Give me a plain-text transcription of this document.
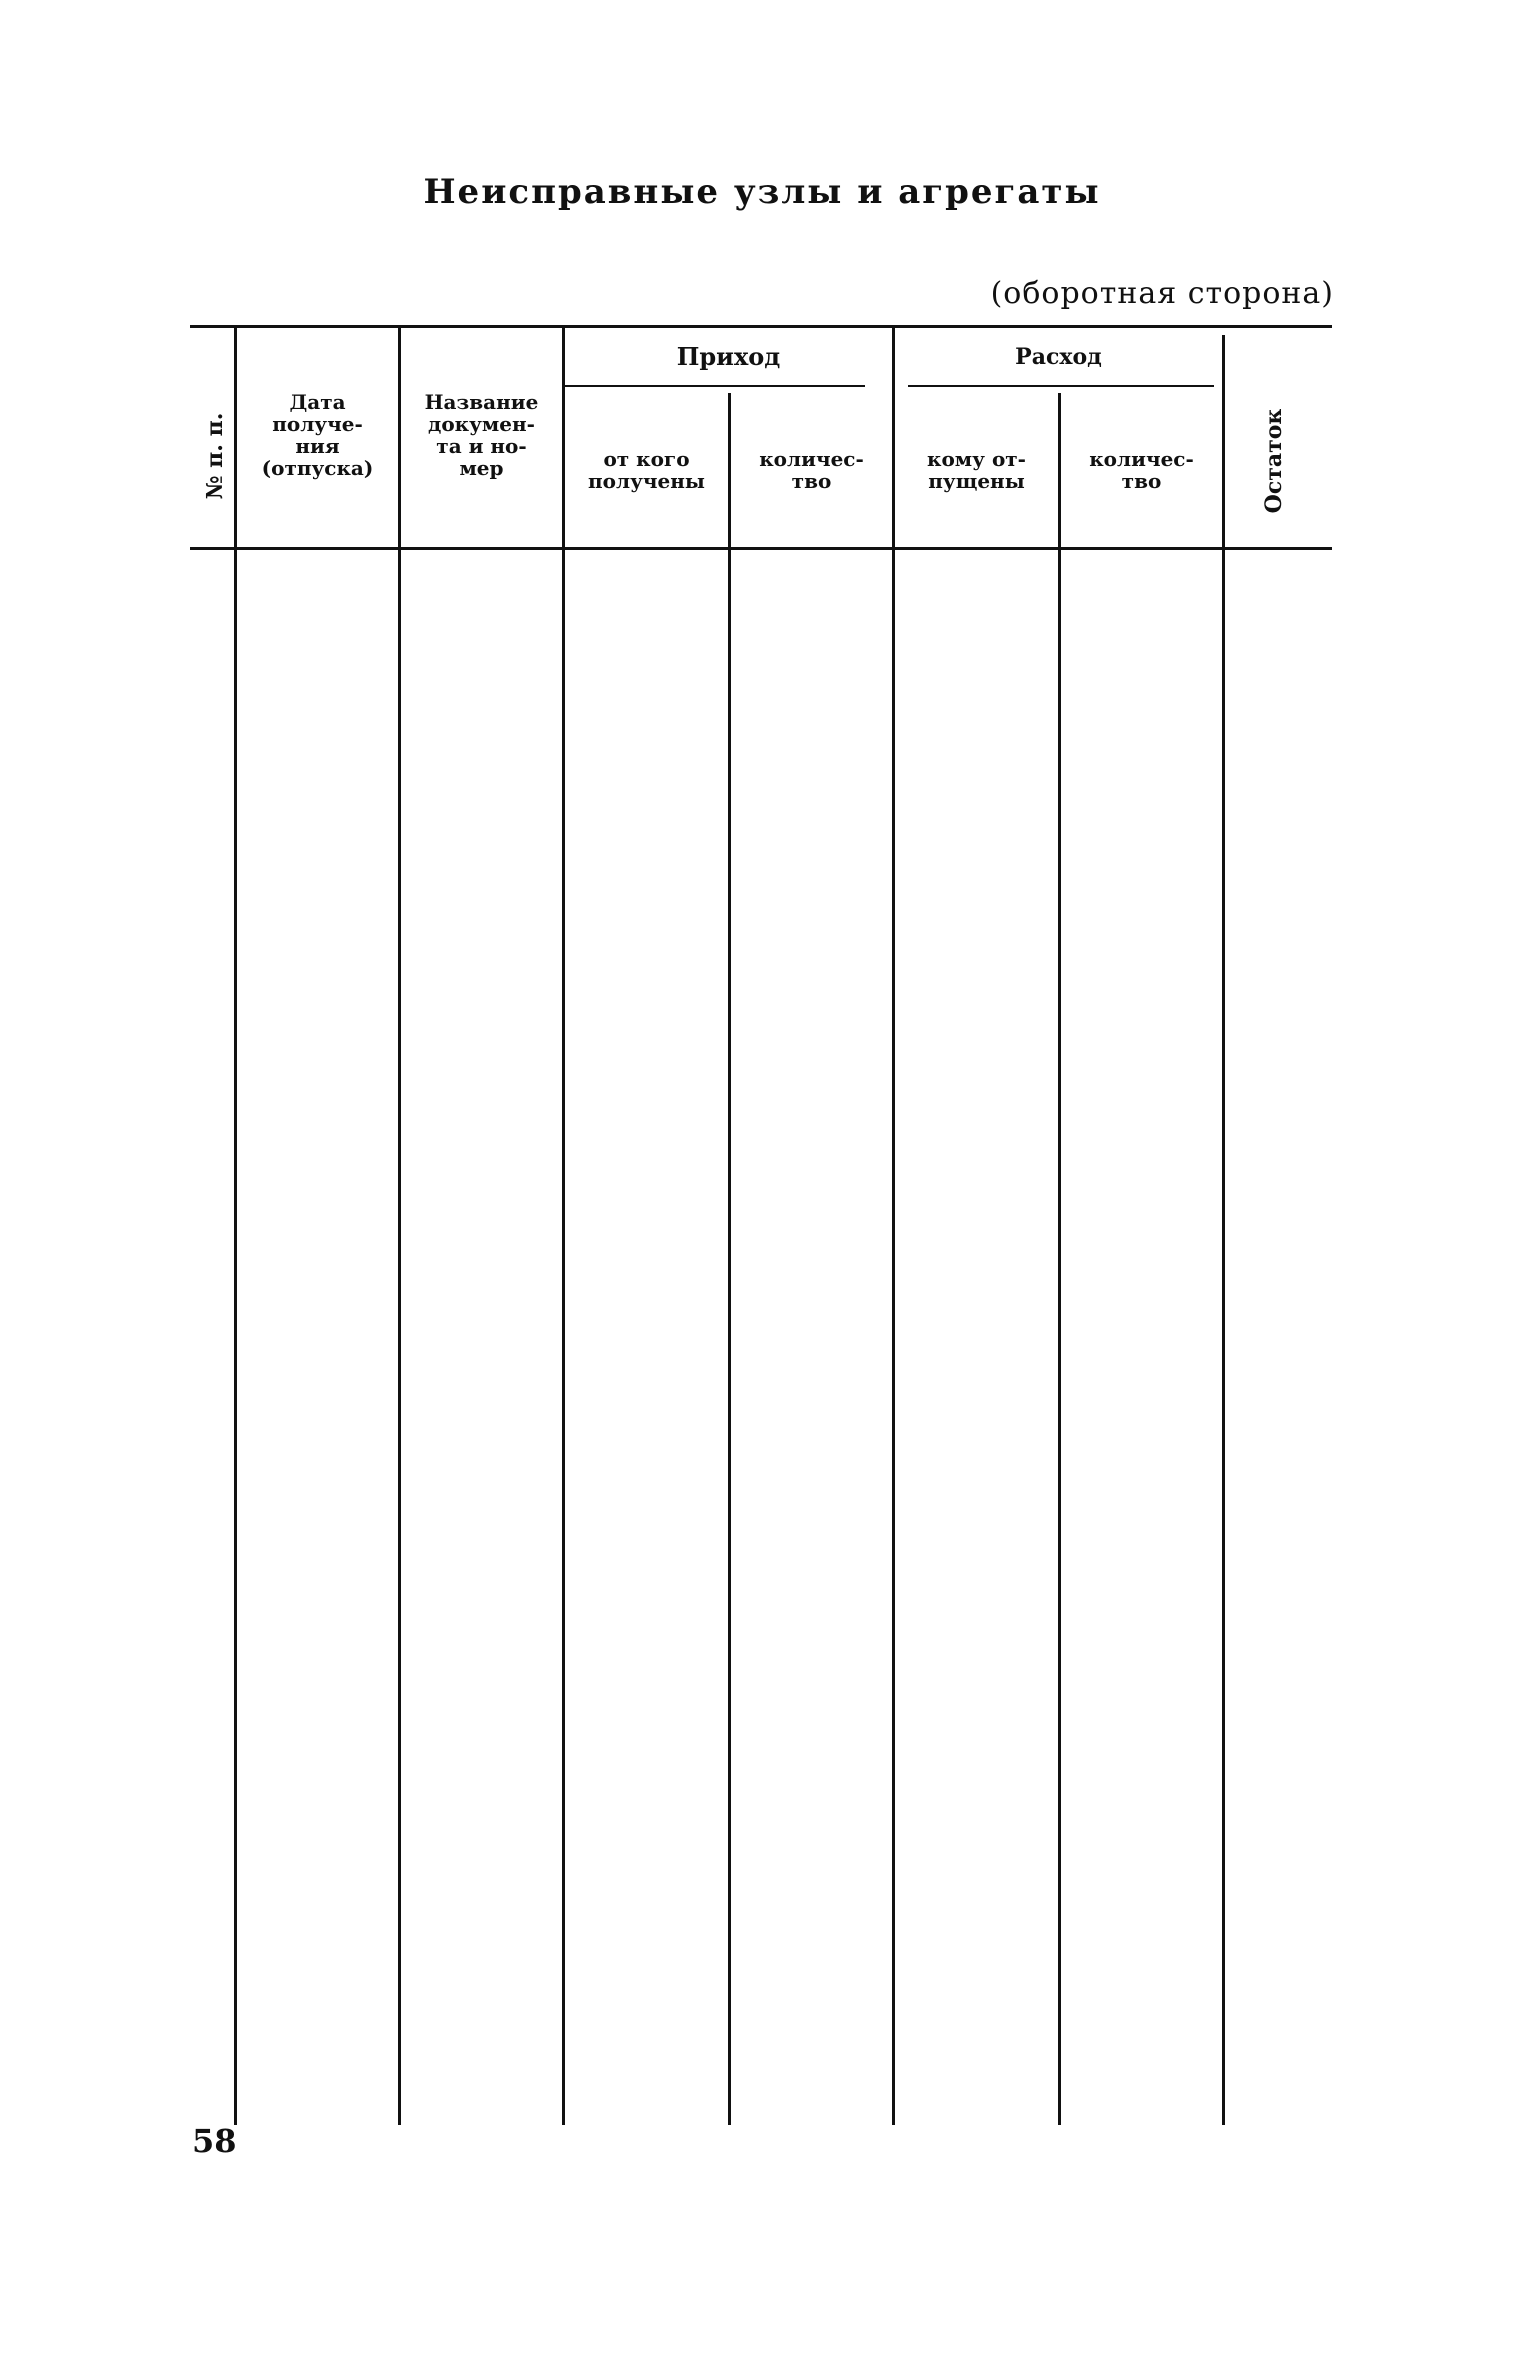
Неисправные узлы и агрегаты
(оборотная сторона)
№ п. п.
Дата
получе-
ния
(отпуска)
Название
докумен-
та и но-
мер
Приход
от кого
получены
количес-
тво
Расход
кому от-
пущены
количес-
тво	Остаток
58
